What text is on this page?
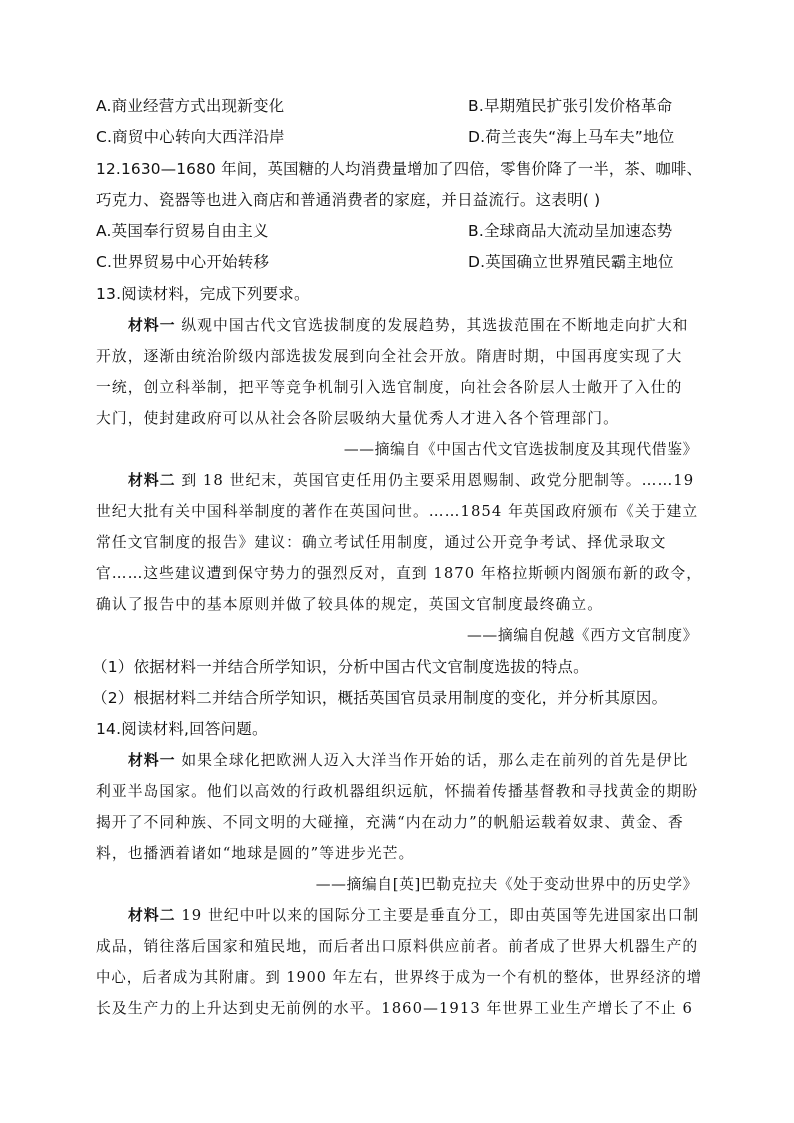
A.商业经营方式出现新变化	B.早期殖民扩张引发价格革命
C.商贸中心转向大西洋沿岸	D.荷兰丧失“海上马车夫”地位
12.1630—1680 年间，英国糖的人均消费量增加了四倍，零售价降了一半，茶、咖啡、
巧克力、瓷器等也进入商店和普通消费者的家庭，并日益流行。这表明( )
A.英国奉行贸易自由主义	B.全球商品大流动呈加速态势
C.世界贸易中心开始转移	D.英国确立世界殖民霸主地位
13.阅读材料，完成下列要求。
材料一 纵观中国古代文官选拔制度的发展趋势，其选拔范围在不断地走向扩大和
开放，逐渐由统治阶级内部选拔发展到向全社会开放。隋唐时期，中国再度实现了大
一统，创立科举制，把平等竞争机制引入选官制度，向社会各阶层人士敞开了入仕的
大门，使封建政府可以从社会各阶层吸纳大量优秀人才进入各个管理部门。
——摘编自《中国古代文官选拔制度及其现代借鉴》
材料二 到 18 世纪末，英国官吏任用仍主要采用恩赐制、政党分肥制等。……19
世纪大批有关中国科举制度的著作在英国问世。……1854 年英国政府颁布《关于建立
常任文官制度的报告》建议：确立考试任用制度，通过公开竞争考试、择优录取文
官……这些建议遭到保守势力的强烈反对，直到 1870 年格拉斯顿内阁颁布新的政令，
确认了报告中的基本原则并做了较具体的规定，英国文官制度最终确立。
——摘编自倪越《西方文官制度》
（1）依据材料一并结合所学知识，分析中国古代文官制度选拔的特点。
（2）根据材料二并结合所学知识，概括英国官员录用制度的变化，并分析其原因。
14.阅读材料,回答问题。
材料一 如果全球化把欧洲人迈入大洋当作开始的话，那么走在前列的首先是伊比
利亚半岛国家。他们以高效的行政机器组织远航，怀揣着传播基督教和寻找黄金的期盼
揭开了不同种族、不同文明的大碰撞，充满“内在动力”的帆船运载着奴隶、黄金、香
料，也播洒着诸如“地球是圆的”等进步光芒。
——摘编自[英]巴勒克拉夫《处于变动世界中的历史学》
材料二 19 世纪中叶以来的国际分工主要是垂直分工，即由英国等先进国家出口制
成品，销往落后国家和殖民地，而后者出口原料供应前者。前者成了世界大机器生产的
中心，后者成为其附庸。到 1900 年左右，世界终于成为一个有机的整体，世界经济的增
长及生产力的上升达到史无前例的水平。1860—1913 年世界工业生产增长了不止 6
